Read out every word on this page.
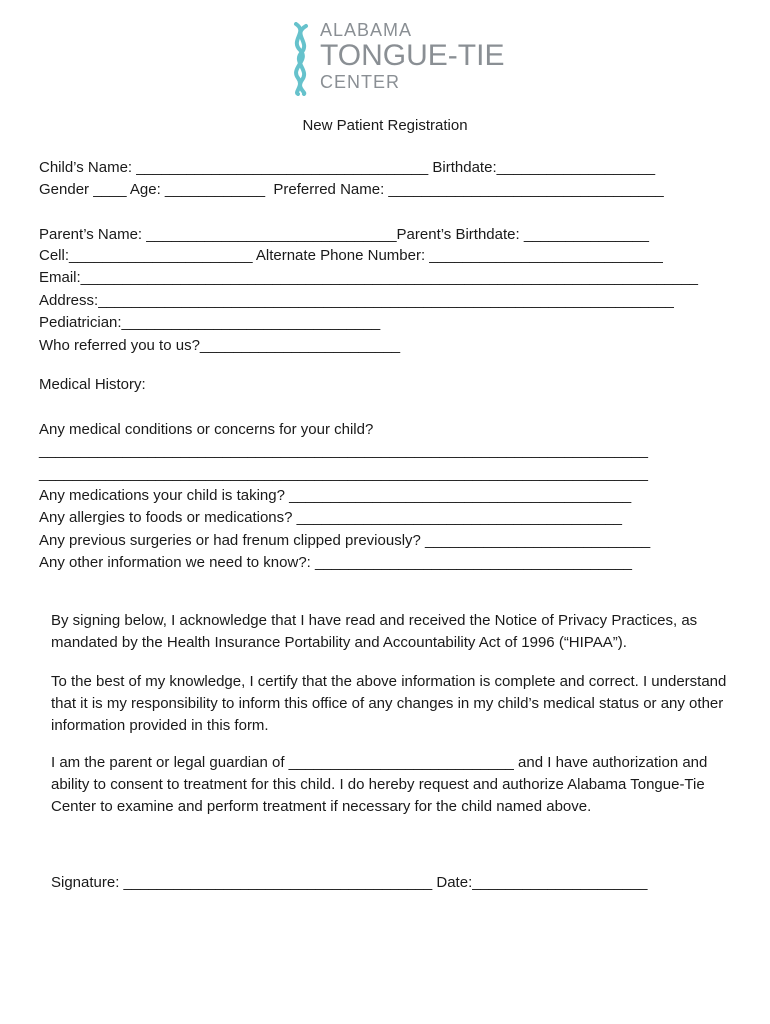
ALABAMA
TONGUE-TIE
CENTER
New Patient Registration
Child’s Name: ___________________________________ Birthdate:___________________
Gender ____ Age: ____________  Preferred Name: _________________________________
Parent’s Name: ______________________________Parent’s Birthdate: _______________
Cell:______________________ Alternate Phone Number: ____________________________
Email:__________________________________________________________________________
Address:_____________________________________________________________________
Pediatrician:_______________________________
Who referred you to us?________________________
Medical History:
Any medical conditions or concerns for your child?
_________________________________________________________________________
_________________________________________________________________________
Any medications your child is taking? _________________________________________
Any allergies to foods or medications? _______________________________________
Any previous surgeries or had frenum clipped previously? ___________________________
Any other information we need to know?: ______________________________________

By signing below, I acknowledge that I have read and received the Notice of Privacy Practices, as mandated by the Health Insurance Portability and Accountability Act of 1996 (“HIPAA”).

To the best of my knowledge, I certify that the above information is complete and correct. I understand that it is my responsibility to inform this office of any changes in my child’s medical status or any other information provided in this form.

I am the parent or legal guardian of ___________________________ and I have authorization and ability to consent to treatment for this child. I do hereby request and authorize Alabama Tongue-Tie Center to examine and perform treatment if necessary for the child named above.

Signature: _____________________________________ Date:_____________________
